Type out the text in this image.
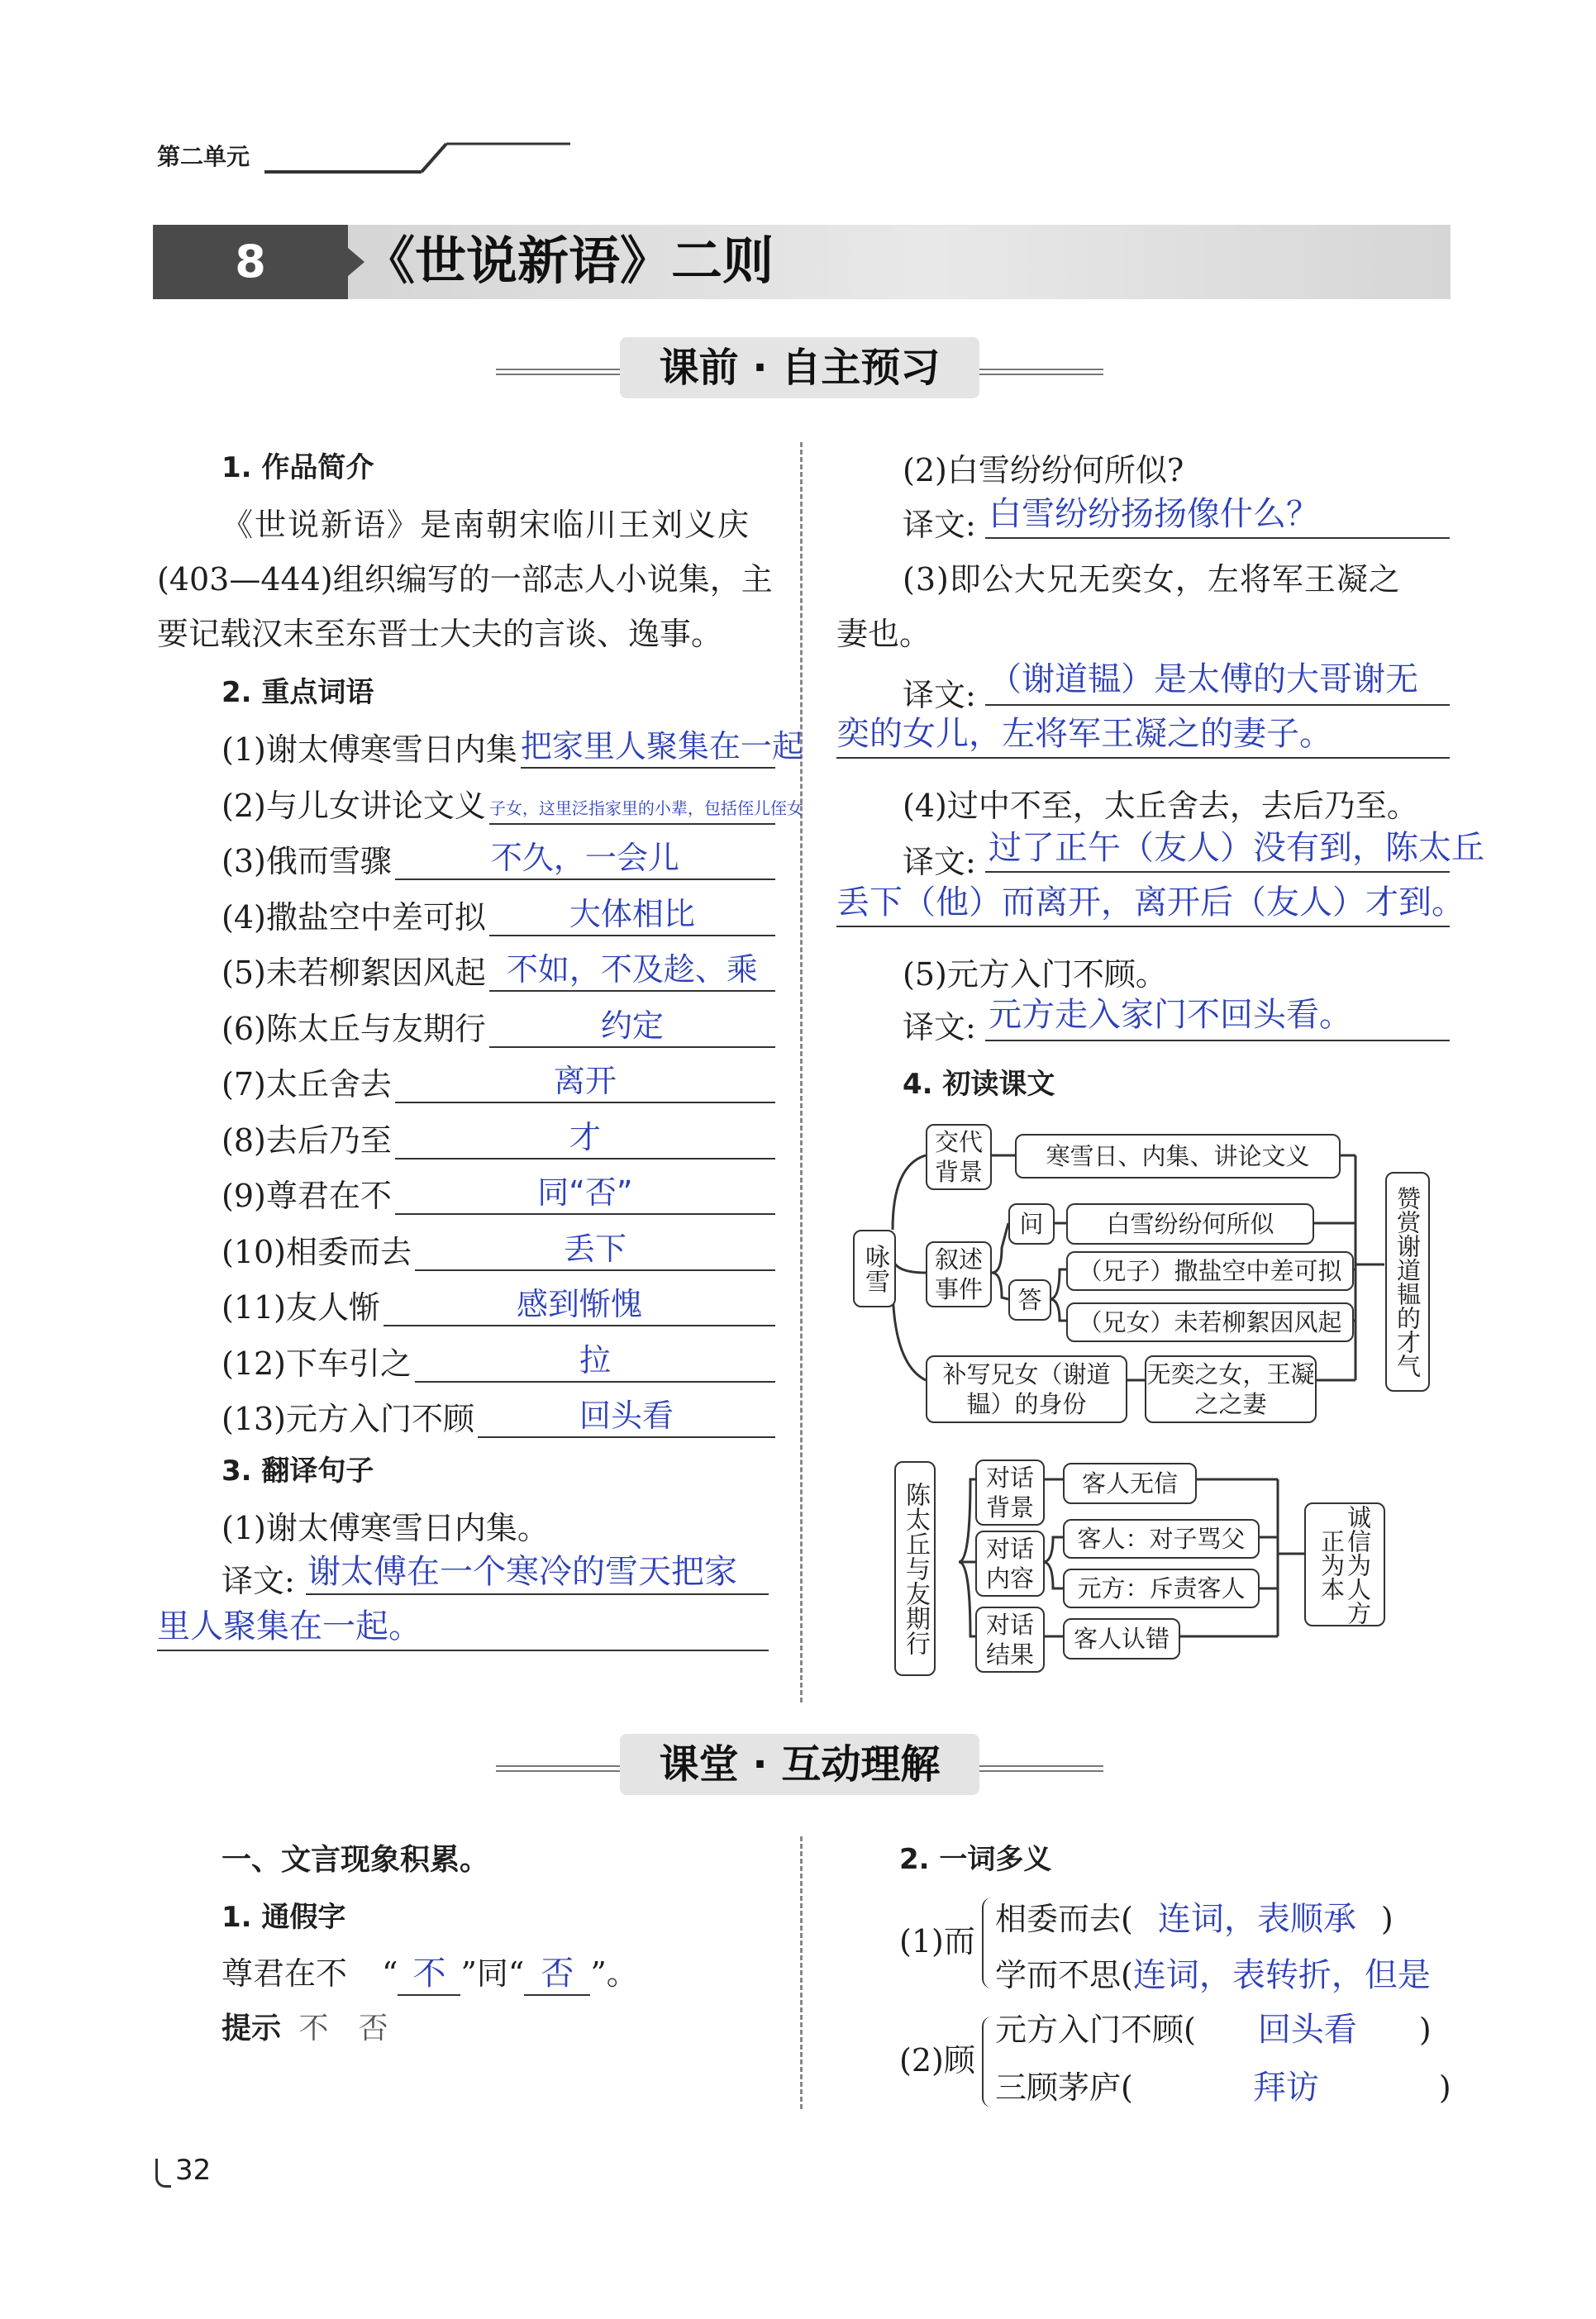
第二单元
8	《世说新语》二则
课前 · 自主预习
1. 作品简介
《世说新语》是南朝宋临川王刘义庆
(403—444)组织编写的一部志人小说集，主
要记载汉末至东晋士大夫的言谈、逸事。
2. 重点词语
(1)谢太傅寒雪日内集 把家里人聚集在一起
(2)与儿女讲论文义 子女，这里泛指家里的小辈，包括侄儿侄女
(3)俄而雪骤	不久，一会儿
(4)撒盐空中差可拟	大体相比
(5)未若柳絮因风起 不如，不及趁、乘
(6)陈太丘与友期行	约定
(7)太丘舍去	离开
(8)去后乃至	才
(9)尊君在不	同“否”
(10)相委而去	丢下
(11)友人惭	感到惭愧
(12)下车引之	拉
(13)元方入门不顾	回头看
3. 翻译句子
(1)谢太傅寒雪日内集。
译文: 谢太傅在一个寒冷的雪天把家
里人聚集在一起。
(2)白雪纷纷何所似?
译文: 白雪纷纷扬扬像什么？
(3)即公大兄无奕女，左将军王凝之
妻也。
译文: （谢道韫）是太傅的大哥谢无
奕的女儿，左将军王凝之的妻子。
(4)过中不至，太丘舍去，去后乃至。
译文: 过了正午（友人）没有到，陈太丘
丢下（他）而离开，离开后（友人）才到。
(5)元方入门不顾。
译文: 元方走入家门不回头看。
4. 初读课文
咏雪
交代背景
寒雪日、内集、讲论文义
叙述事件
问	白雪纷纷何所似
答
（兄子）撒盐空中差可拟
（兄女）未若柳絮因风起
补写兄女（谢道韫）的身份
无奕之女，王凝之之妻
赞赏谢道韫的才气
陈太丘与友期行
对话背景
客人无信
对话内容
客人：对子骂父
元方：斥责客人
对话结果
客人认错
诚信为人方正为本
课堂 · 互动理解
一、文言现象积累。
1. 通假字
尊君在不 “ 不 ”同“ 否 ”。
提示 不　否
2. 一词多义
(1)而
相委而去( 连词，表顺承 )
学而不思(连词，表转折，但是
(2)顾
元方入门不顾( 回头看 )
三顾茅庐(	拜访	)
32
